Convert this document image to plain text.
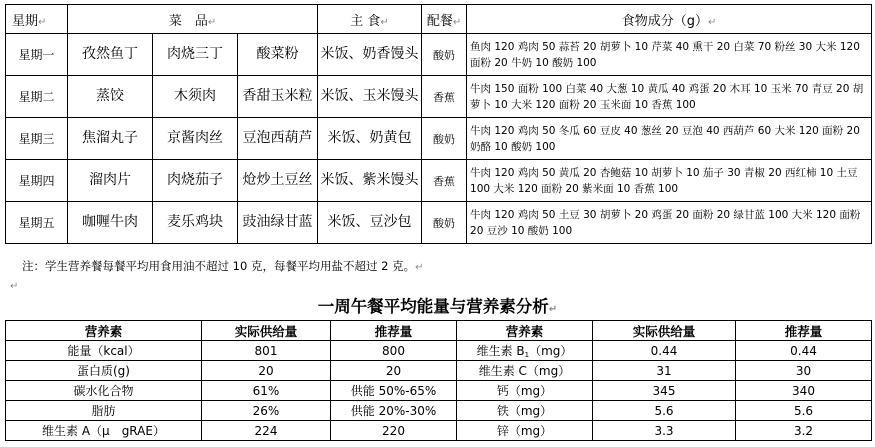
星期↵	菜　品↵			主 食↵	配餐↵	食物成分（g）↵
星期一	孜然鱼丁	肉烧三丁	酸菜粉	米饭、奶香馒头	酸奶	鱼肉 120 鸡肉 50 蒜苔 20 胡萝卜 10 芹菜 40 熏干 20 白菜 70 粉丝 30 大米 120 面粉 20 牛奶 10 酸奶 100
星期二	蒸饺	木须肉	香甜玉米粒	米饭、玉米馒头	香蕉	牛肉 150 面粉 100 白菜 40 大葱 10 黄瓜 40 鸡蛋 20 木耳 10 玉米 70 青豆 20 胡萝卜 10 大米 120 面粉 20 玉米面 10 香蕉 100
星期三	焦溜丸子	京酱肉丝	豆泡西葫芦	米饭、奶黄包	酸奶	牛肉 120 鸡肉 50 冬瓜 60 豆皮 40 葱丝 20 豆泡 40 西葫芦 60 大米 120 面粉 20 奶酪 10 酸奶 100
星期四	溜肉片	肉烧茄子	炝炒土豆丝	米饭、紫米馒头	香蕉	牛肉 120 鸡肉 50 黄瓜 20 杏鲍菇 10 胡萝卜 10 茄子 30 青椒 20 西红柿 10 土豆 100 大米 120 面粉 20 紫米面 10 香蕉 100
星期五	咖喱牛肉	麦乐鸡块	豉油绿甘蓝	米饭、豆沙包	酸奶	牛肉 120 鸡肉 50 土豆 30 胡萝卜 20 鸡蛋 20 面粉 20 绿甘蓝 100 大米 120 面粉 20 豆沙 10 酸奶 100
注：学生营养餐每餐平均用食用油不超过 10 克，每餐平均用盐不超过 2 克。↵
↵
一周午餐平均能量与营养素分析↵
营养素	实际供给量	推荐量	营养素	实际供给量	推荐量
能量（kcal）	801	800	维生素 $B_1(mg)$	0.44	0.44
蛋白质(g)	20	20	维生素 C（mg）	31	30
碳水化合物	61%	供能 50%-65%	钙（mg）	345	340
脂肪	26%	供能 20%-30%	铁（mg）	5.6	5.6
维生素 A（μ　gRAE）	224	220	锌（mg）	3.3	3.2
